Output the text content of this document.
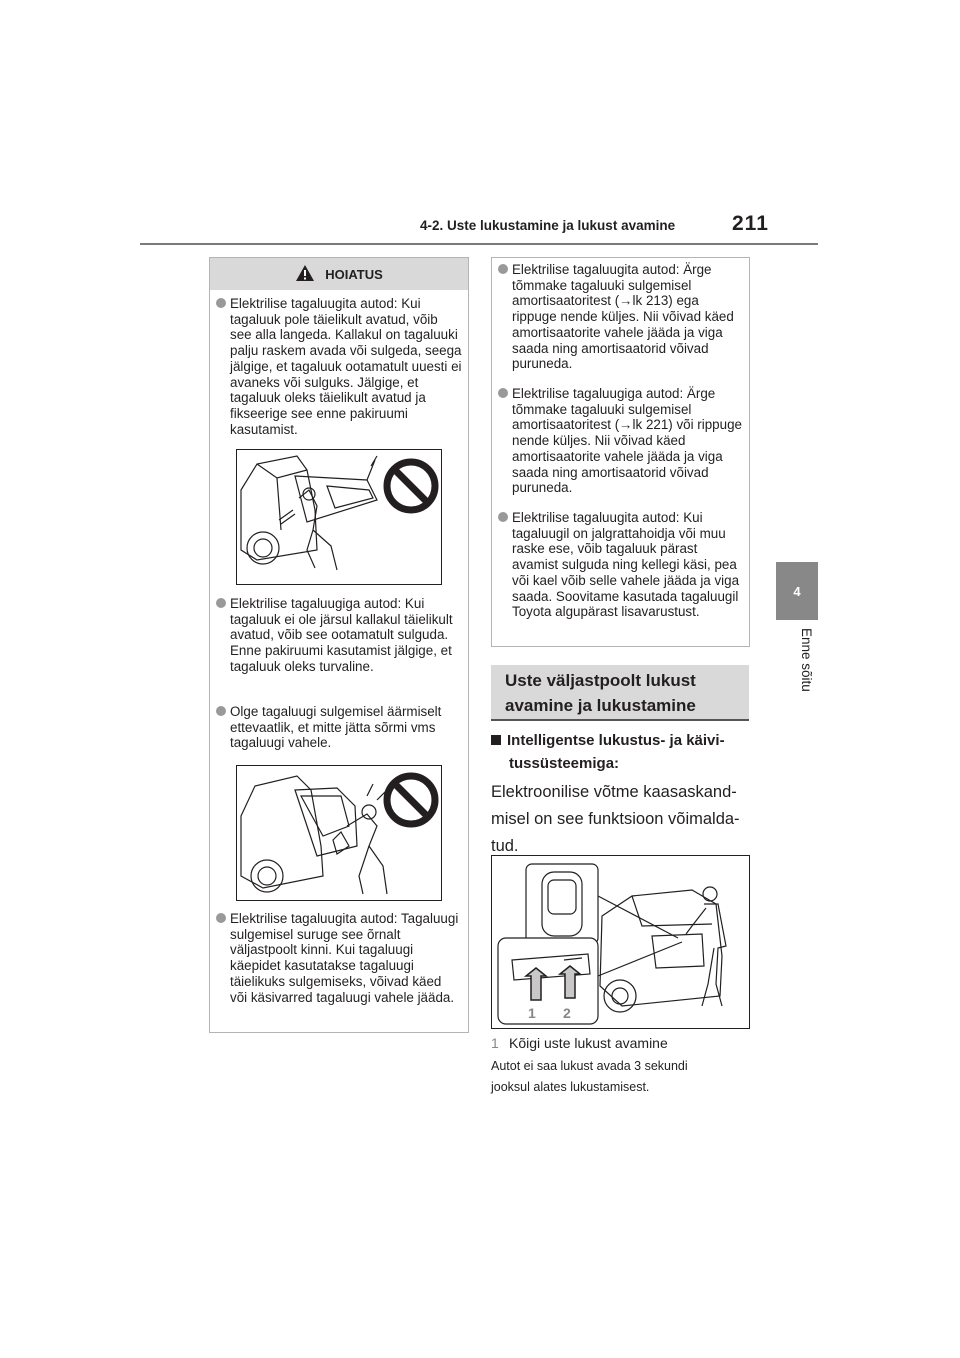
4-2. Uste lukustamine ja lukust avamine	211
4
Enne sõitu
HOIATUS
Elektrilise tagaluugita autod: Kui tagaluuk pole täielikult avatud, võib see alla langeda. Kallakul on tagaluuki palju raskem avada või sulgeda, seega jälgige, et tagaluuk ootamatult uuesti ei avaneks või sulguks. Jälgige, et tagaluuk oleks täielikult avatud ja fikseerige see enne pakiruumi kasutamist.
Elektrilise tagaluugiga autod: Kui tagaluuk ei ole järsul kallakul täielikult avatud, võib see ootamatult sulguda. Enne pakiruumi kasutamist jälgige, et tagaluuk oleks turvaline.
Olge tagaluugi sulgemisel äärmiselt ettevaatlik, et mitte jätta sõrmi vms tagaluugi vahele.
Elektrilise tagaluugita autod: Tagaluugi sulgemisel suruge see õrnalt väljastpoolt kinni. Kui tagaluugi käepidet kasutatakse tagaluugi täielikuks sulgemiseks, võivad käed või käsivarred tagaluugi vahele jääda.
Elektrilise tagaluugita autod: Ärge tõmmake tagaluuki sulgemisel amortisaatoritest (→lk 213) ega rippuge nende küljes. Nii võivad käed amortisaatorite vahele jääda ja viga saada ning amortisaatorid võivad puruneda.
Elektrilise tagaluugiga autod: Ärge tõmmake tagaluuki sulgemisel amortisaatoritest (→lk 221) või rippuge nende küljes. Nii võivad käed amortisaatorite vahele jääda ja viga saada ning amortisaatorid võivad puruneda.
Elektrilise tagaluugita autod: Kui tagaluugil on jalgrattahoidja või muu raske ese, võib tagaluuk pärast avamist sulguda ning kellegi käsi, pea või kael võib selle vahele jääda ja viga saada. Soovitame kasutada tagaluugil Toyota algupärast lisavarustust.
Uste väljastpoolt lukust
avamine ja lukustamine
Intelligentse lukustus- ja käivi-
tussüsteemiga:
Elektroonilise võtme kaasaskand-
misel on see funktsioon võimalda-
tud.
1 2
1 Kõigi uste lukust avamine
Autot ei saa lukust avada 3 sekundi
jooksul alates lukustamisest.
